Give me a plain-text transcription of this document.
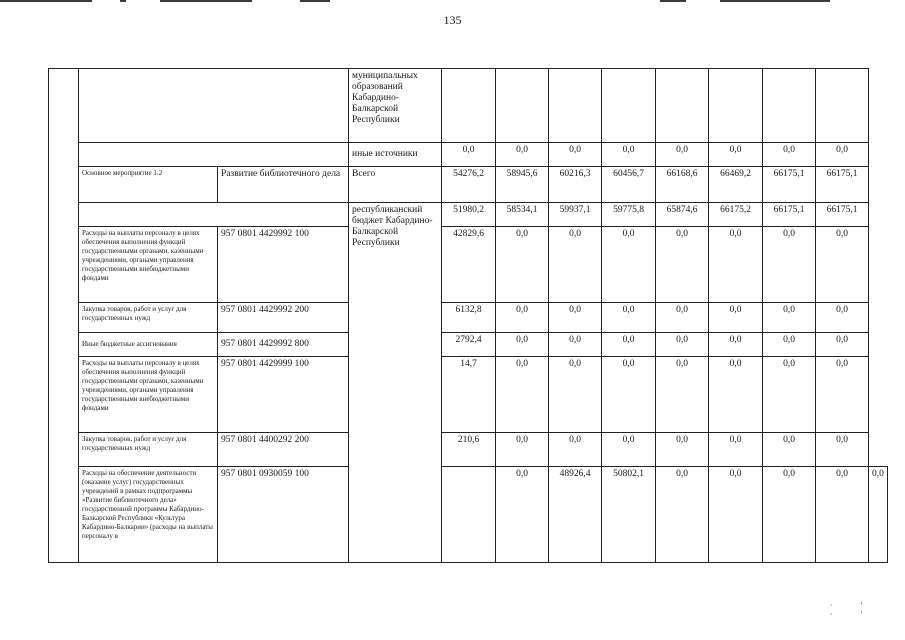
135
			муниципальных образований Кабардино-Балкарской Республики									
			иные источники	0,0	0,0	0,0	0,0	0,0	0,0	0,0	0,0	
	Основное мероприятие 1.2	Развитие библиотечного дела	Всего	54276,2	58945,6	60216,3	60456,7	66168,6	66469,2	66175,1	66175,1	
			республиканский бюджет Кабардино-Балкарской Республики	51980,2	58534,1	59937,1	59775,8	65874,6	66175,2	66175,1	66175,1	
	Расходы на выплаты персоналу в целях обеспечения выполнения функций государственными органами, казенными учреждениями, органами управления государственными внебюджетными фондами	957 0801 4429992 100		42829,6	0,0	0,0	0,0	0,0	0,0	0,0	0,0	
	Закупка товаров, работ и услуг для государственных нужд	957 0801 4429992 200		6132,8	0,0	0,0	0,0	0,0	0,0	0,0	0,0	
	Иные бюджетные ассигнования	957 0801 4429992 800		2792,4	0,0	0,0	0,0	0,0	0,0	0,0	0,0	
	Расходы на выплаты персоналу в целях обеспечения выполнения функций государственными органами, казенными учреждениями, органами управления государственными внебюджетными фондами	957 0801 4429999 100		14,7	0,0	0,0	0,0	0,0	0,0	0,0	0,0	
	Закупка товаров, работ и услуг для государственных нужд	957 0801 4400292 200		210,6	0,0	0,0	0,0	0,0	0,0	0,0	0,0	
	Расходы на обеспечение деятельности (оказание услуг) государственных учреждений в рамках подпрограммы «Развитие библиотечного дела» государственной программы Кабардино-Балкарской Республики «Культура Кабардино-Балкарии» (расходы на выплаты персоналу в	957 0801 0930059 100			0,0	48926,4	50802,1	0,0	0,0	0,0	0,0	0,0
·′ ·′
